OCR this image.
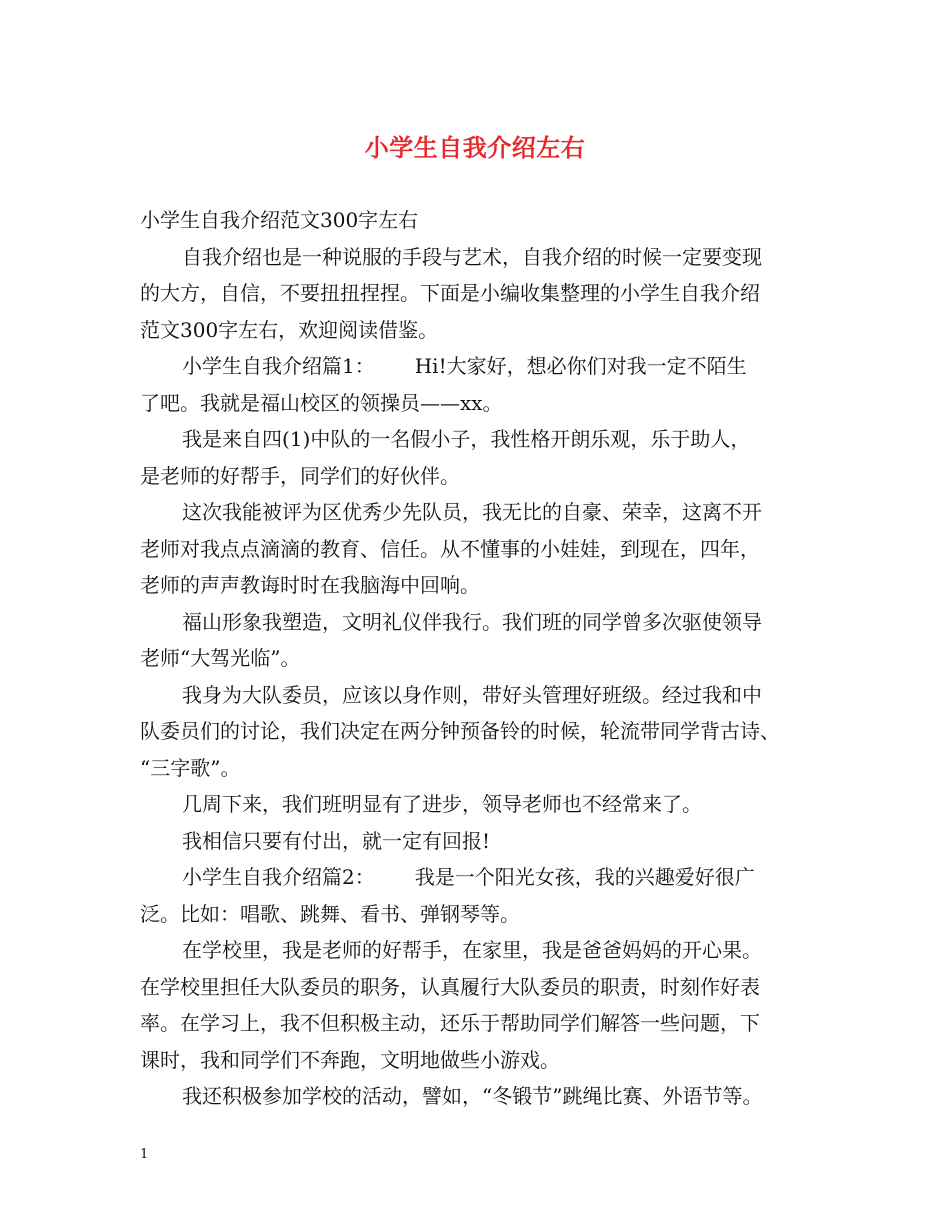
小学生自我介绍左右
小学生自我介绍范文300字左右
自我介绍也是一种说服的手段与艺术，自我介绍的时候一定要变现
的大方，自信，不要扭扭捏捏。下面是小编收集整理的小学生自我介绍
范文300字左右，欢迎阅读借鉴。
小学生自我介绍篇1： Hi!大家好，想必你们对我一定不陌生
了吧。我就是福山校区的领操员——xx。
我是来自四(1)中队的一名假小子，我性格开朗乐观，乐于助人，
是老师的好帮手，同学们的好伙伴。
这次我能被评为区优秀少先队员，我无比的自豪、荣幸，这离不开
老师对我点点滴滴的教育、信任。从不懂事的小娃娃，到现在，四年，
老师的声声教诲时时在我脑海中回响。
福山形象我塑造，文明礼仪伴我行。我们班的同学曾多次驱使领导
老师“大驾光临”。
我身为大队委员，应该以身作则，带好头管理好班级。经过我和中
队委员们的讨论，我们决定在两分钟预备铃的时候，轮流带同学背古诗、
“三字歌”。
几周下来，我们班明显有了进步，领导老师也不经常来了。
我相信只要有付出，就一定有回报!
小学生自我介绍篇2： 我是一个阳光女孩，我的兴趣爱好很广
泛。比如：唱歌、跳舞、看书、弹钢琴等。
在学校里，我是老师的好帮手，在家里，我是爸爸妈妈的开心果。
在学校里担任大队委员的职务，认真履行大队委员的职责，时刻作好表
率。在学习上，我不但积极主动，还乐于帮助同学们解答一些问题，下
课时，我和同学们不奔跑，文明地做些小游戏。
我还积极参加学校的活动，譬如，“冬锻节”跳绳比赛、外语节等。
1
